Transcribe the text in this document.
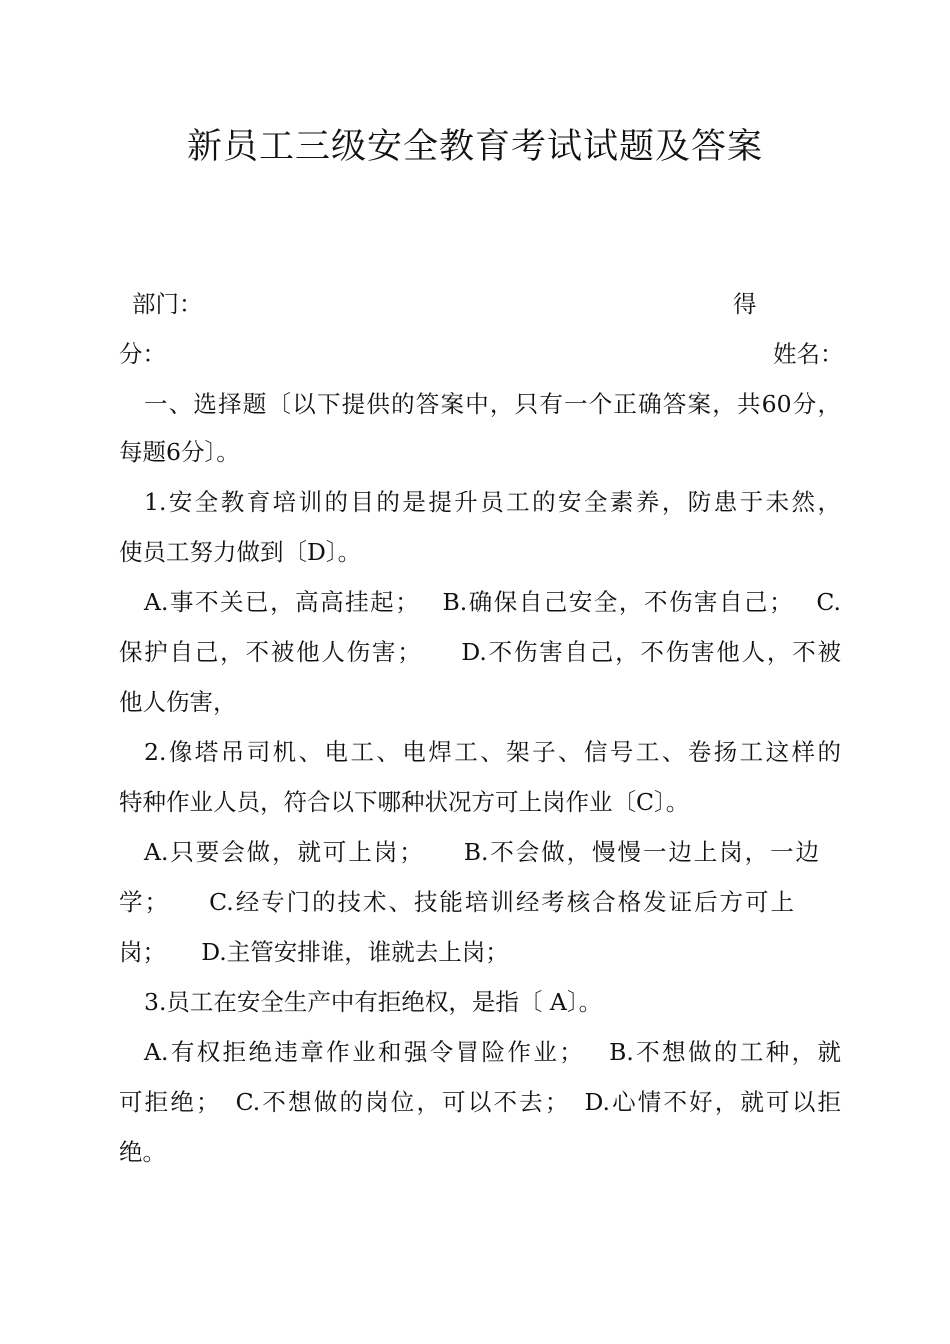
新员工三级安全教育考试试题及答案
部门：	得
分：	姓名：
一、选择题〔以下提供的答案中，只有一个正确答案，共60分，
每题6分〕。
1.安全教育培训的目的是提升员工的安全素养，防患于未然，
使员工努力做到〔D〕。
A.事不关已，高高挂起；　 B.确保自己安全，不伤害自己；　 C.
保护自己，不被他人伤害；　　D.不伤害自己，不伤害他人，不被
他人伤害，
2.像塔吊司机、电工、电焊工、架子、信号工、卷扬工这样的
特种作业人员，符合以下哪种状况方可上岗作业〔C〕。
A.只要会做，就可上岗；　　B.不会做，慢慢一边上岗，一边
学；　　C.经专门的技术、技能培训经考核合格发证后方可上
岗；　　D.主管安排谁，谁就去上岗；
3.员工在安全生产中有拒绝权，是指〔 A〕。
A.有权拒绝违章作业和强令冒险作业；　 B.不想做的工种，就
可拒绝；　C.不想做的岗位，可以不去；　D.心情不好，就可以拒
绝。
